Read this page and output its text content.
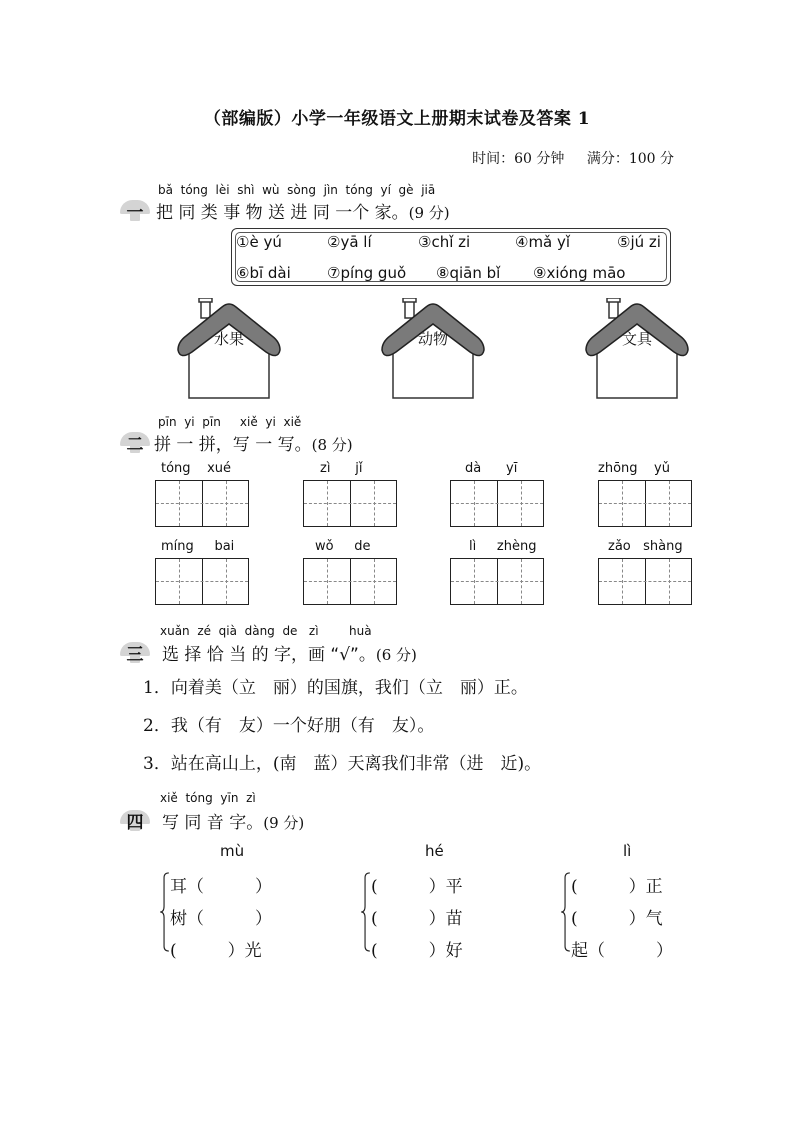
（部编版）小学一年级语文上册期末试卷及答案 1
时间：60 分钟 满分：100 分
bǎ tóng lèi shì wù sòng jìn tóng yí gè jiā
一 把 同 类 事 物 送 进 同 一个 家。(9 分)
①è yú	②yā lí	③chǐ zi	④mǎ yǐ	⑤jú zi
⑥bī dài ⑦píng guǒ ⑧qiān bǐ ⑨xióng māo
水果	动物	文具
pīn yi pīn xiě yi xiě
二 拼 一 拼，写 一 写。(8 分)
tóng xué	zì jǐ	dà yī	zhōng yǔ
míng bai	wǒ de	lì zhèng	zǎo shàng
xuǎn zé qià dàng de zì	huà
三	选 择 恰 当 的 字，画 “√”。(6 分)
1．向着美（立　丽）的国旗，我们（立　丽）正。
2．我（有　友）一个好朋（有　友）。
3．站在高山上，(南　蓝）天离我们非常（进　近)。
xiě tóng yīn zì
四	写 同 音 字。(9 分)
mù
耳（　　　）
树（　　　）
(　　　）光
hé
(　　　）平
(　　　）苗
(　　　）好
lì
(　　　）正
(　　　）气
起（　　　）
